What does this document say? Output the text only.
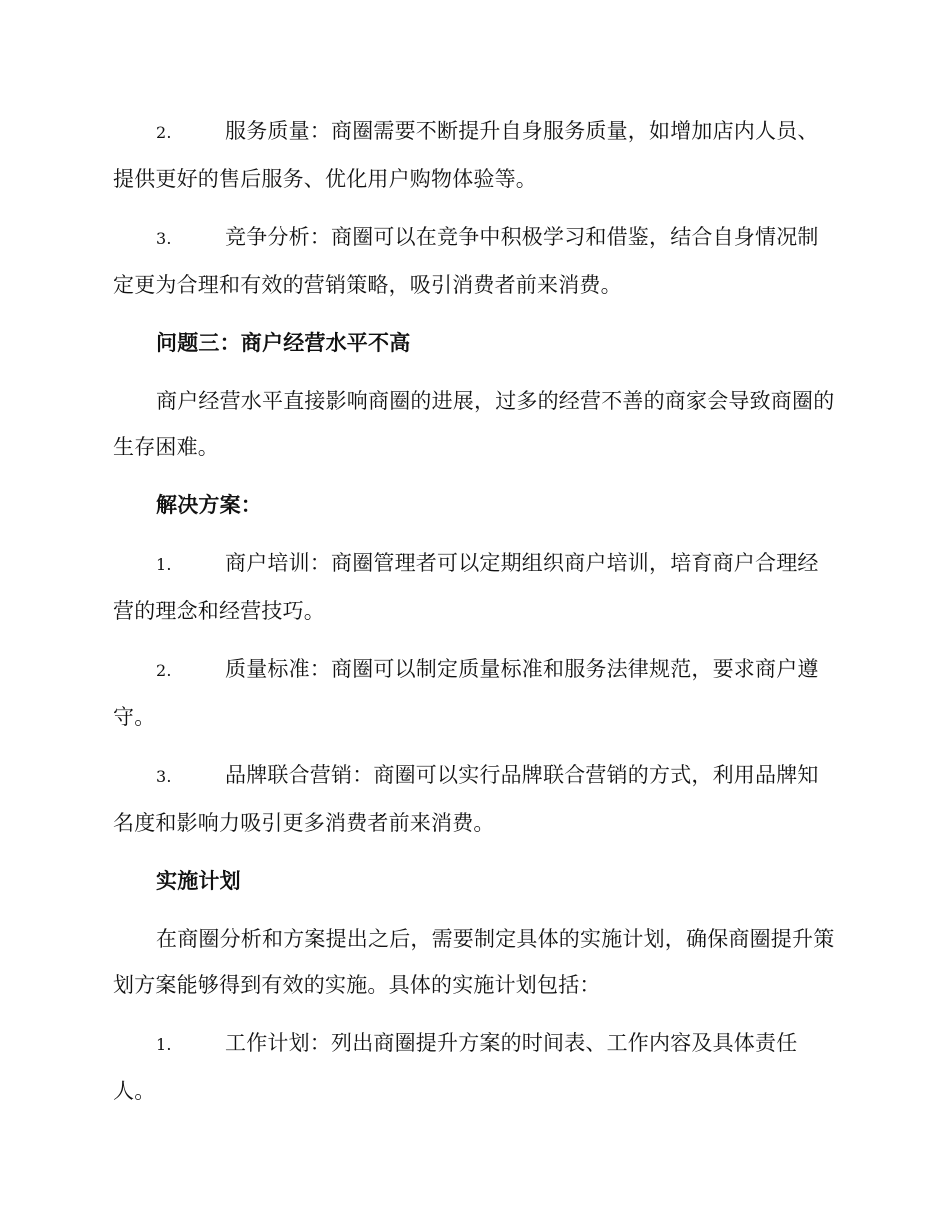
2.	服务质量：商圈需要不断提升自身服务质量，如增加店内人员、提供更好的售后服务、优化用户购物体验等。
3.	竞争分析：商圈可以在竞争中积极学习和借鉴，结合自身情况制定更为合理和有效的营销策略，吸引消费者前来消费。
问题三：商户经营水平不高
商户经营水平直接影响商圈的进展，过多的经营不善的商家会导致商圈的生存困难。
解决方案：
1.	商户培训：商圈管理者可以定期组织商户培训，培育商户合理经营的理念和经营技巧。
2.	质量标准：商圈可以制定质量标准和服务法律规范，要求商户遵守。
3.	品牌联合营销：商圈可以实行品牌联合营销的方式，利用品牌知名度和影响力吸引更多消费者前来消费。
实施计划
在商圈分析和方案提出之后，需要制定具体的实施计划，确保商圈提升策划方案能够得到有效的实施。具体的实施计划包括：
1.	工作计划：列出商圈提升方案的时间表、工作内容及具体责任人。
